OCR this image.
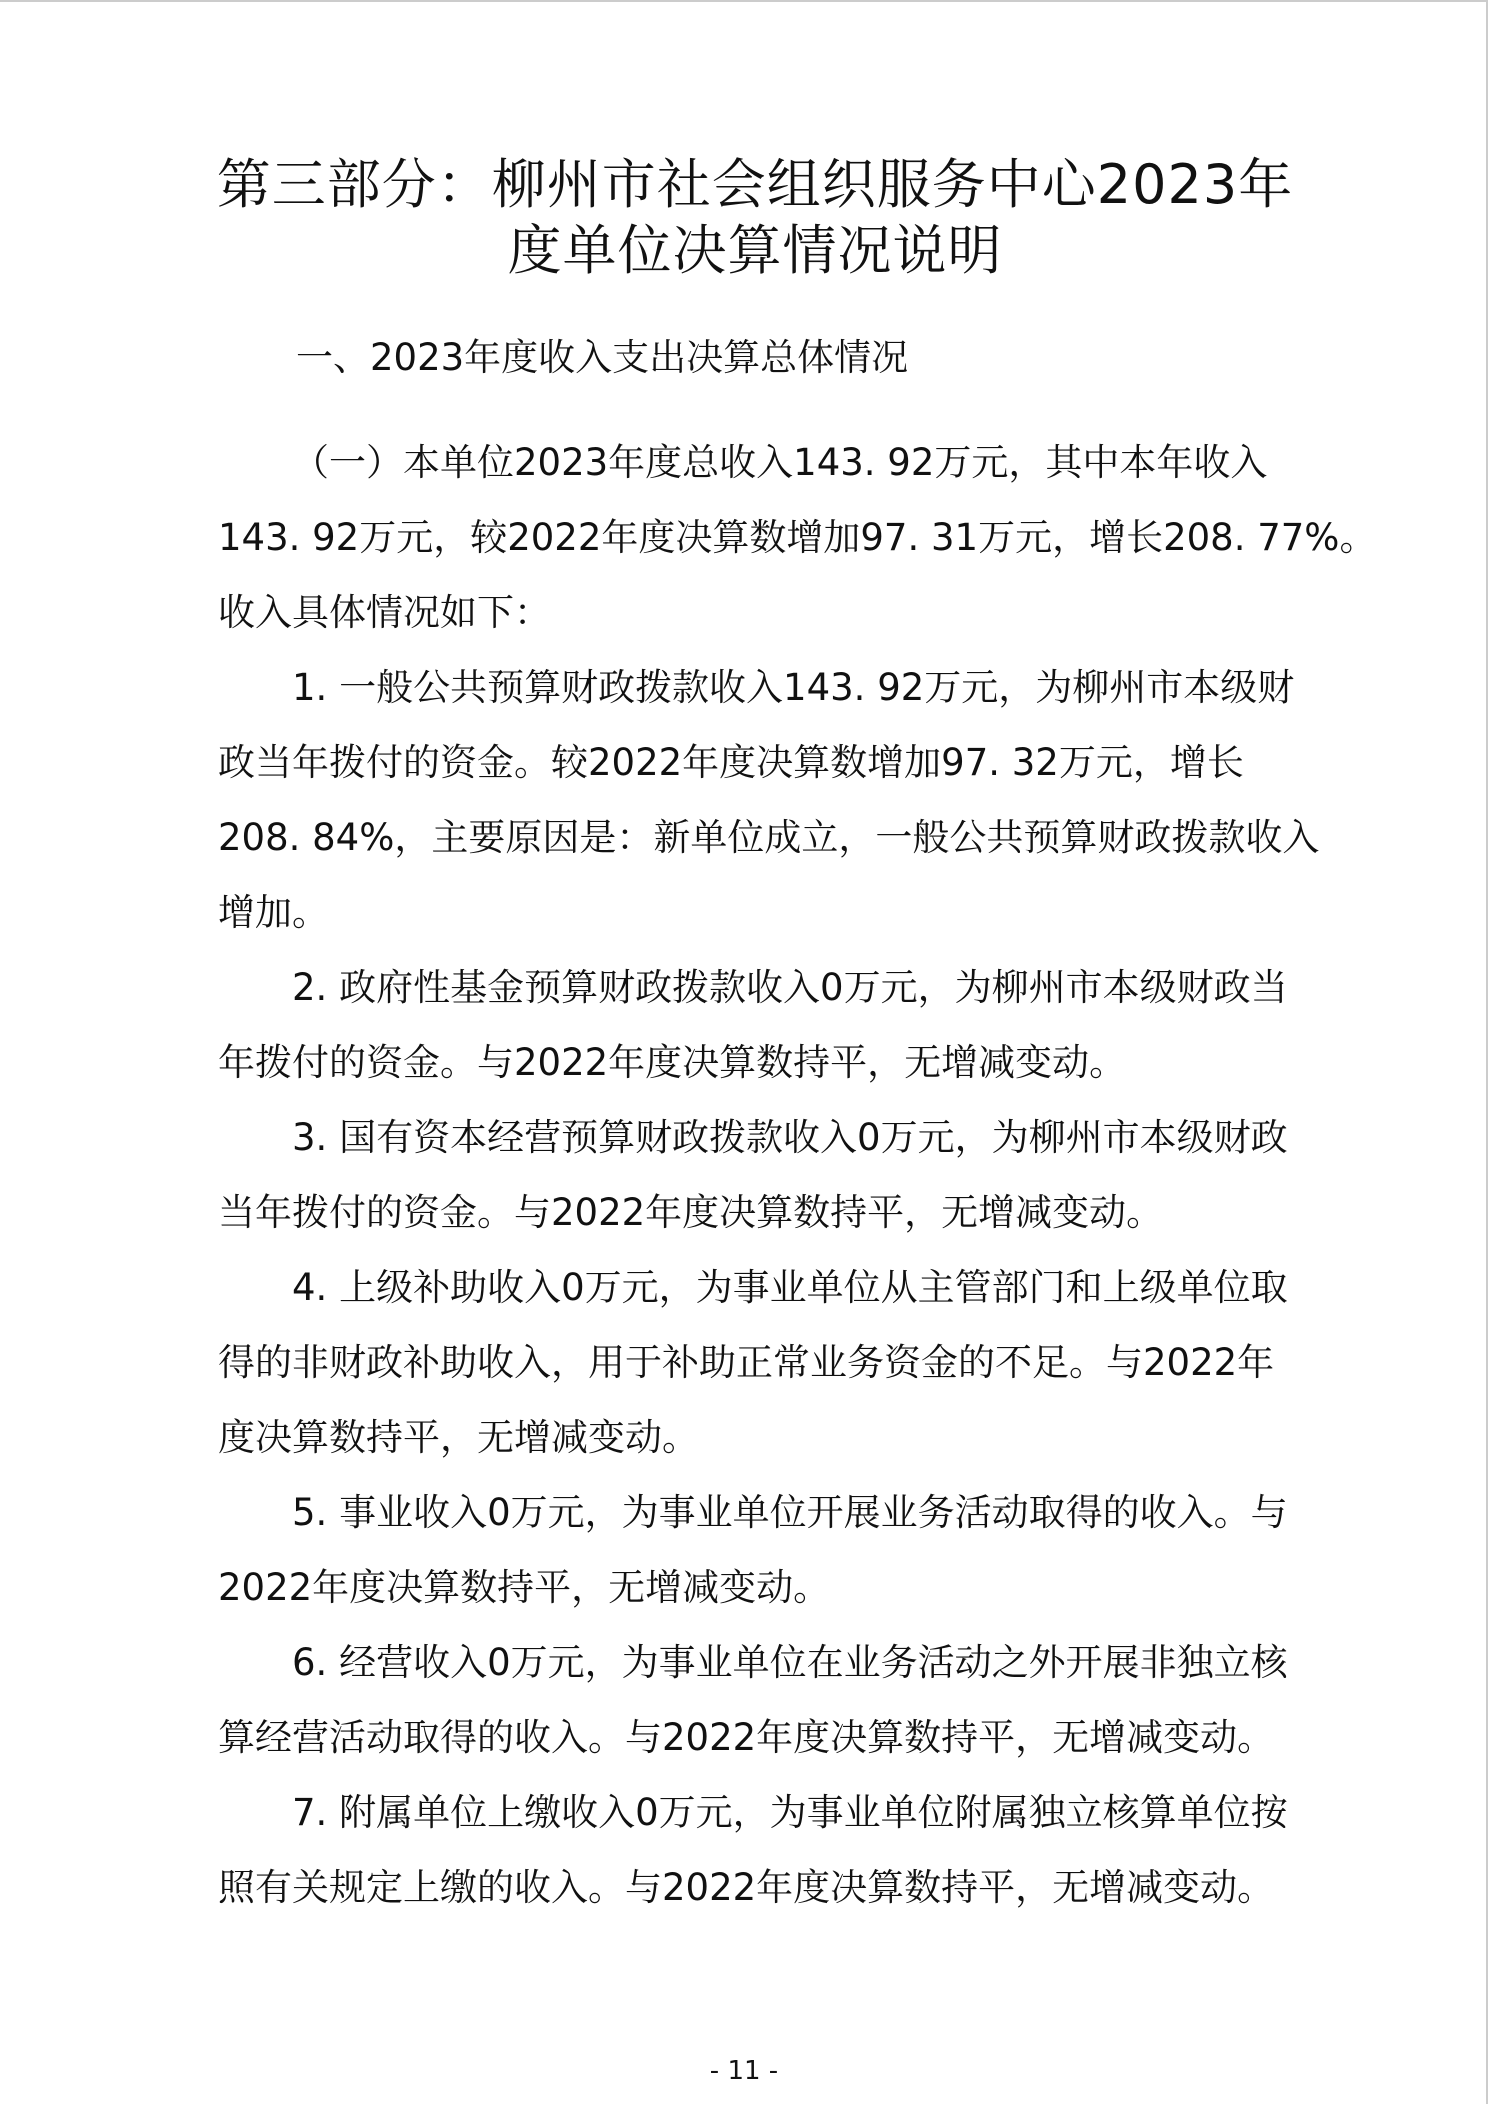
第三部分：柳州市社会组织服务中心2023年
度单位决算情况说明
一、2023年度收入支出决算总体情况
（一）本单位2023年度总收入143. 92万元，其中本年收入
143. 92万元，较2022年度决算数增加97. 31万元，增长208. 77%。
收入具体情况如下：
1. 一般公共预算财政拨款收入143. 92万元，为柳州市本级财
政当年拨付的资金。较2022年度决算数增加97. 32万元，增长
208. 84%，主要原因是：新单位成立，一般公共预算财政拨款收入
增加。
2. 政府性基金预算财政拨款收入0万元，为柳州市本级财政当
年拨付的资金。与2022年度决算数持平，无增减变动。
3. 国有资本经营预算财政拨款收入0万元，为柳州市本级财政
当年拨付的资金。与2022年度决算数持平，无增减变动。
4. 上级补助收入0万元，为事业单位从主管部门和上级单位取
得的非财政补助收入，用于补助正常业务资金的不足。与2022年
度决算数持平，无增减变动。
5. 事业收入0万元，为事业单位开展业务活动取得的收入。与
2022年度决算数持平，无增减变动。
6. 经营收入0万元，为事业单位在业务活动之外开展非独立核
算经营活动取得的收入。与2022年度决算数持平，无增减变动。
7. 附属单位上缴收入0万元，为事业单位附属独立核算单位按
照有关规定上缴的收入。与2022年度决算数持平，无增减变动。
- 11 -
